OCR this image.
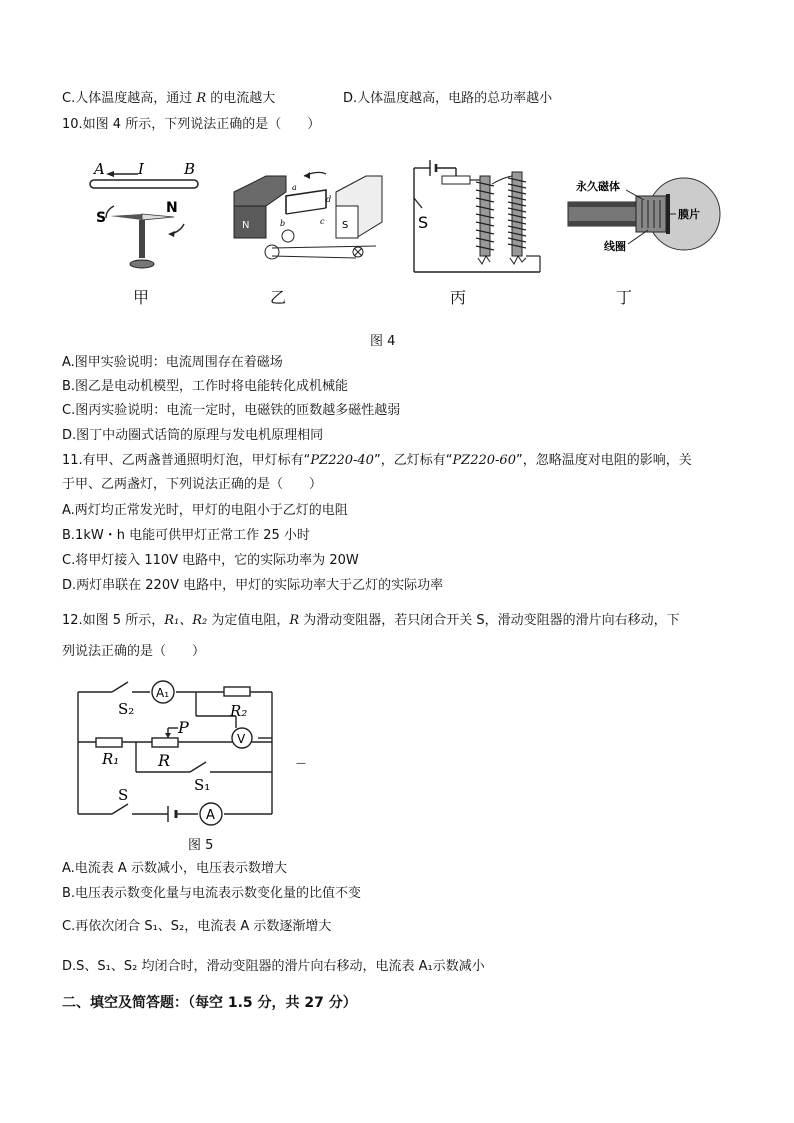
C.人体温度越高，通过 R 的电流越大	D.人体温度越高，电路的总功率越小
10.如图 4 所示，下列说法正确的是（　　）
A I	B
S
N
N	S
a
b	c
d
S
永久磁体
膜片
线圈
甲	乙	丙	丁
图 4
A.图甲实验说明：电流周围存在着磁场
B.图乙是电动机模型，工作时将电能转化成机械能
C.图丙实验说明：电流一定时，电磁铁的匝数越多磁性越弱
D.图丁中动圈式话筒的原理与发电机原理相同
11.有甲、乙两盏普通照明灯泡，甲灯标有“PZ220-40”，乙灯标有“PZ220-60”，忽略温度对电阻的影响，关
于甲、乙两盏灯，下列说法正确的是（　　）
A.两灯均正常发光时，甲灯的电阻小于乙灯的电阻
B.1kW・h 电能可供甲灯正常工作 25 小时
C.将甲灯接入 110V 电路中，它的实际功率为 20W
D.两灯串联在 220V 电路中，甲灯的实际功率大于乙灯的实际功率
12.如图 5 所示，R₁、R₂ 为定值电阻，R 为滑动变阻器，若只闭合开关 S，滑动变阻器的滑片向右移动，下
列说法正确的是（　　）
A₁
R₂
S₂
V
P
R₁ R
S₁
S
A
—
图 5
A.电流表 A 示数减小，电压表示数增大
B.电压表示数变化量与电流表示数变化量的比值不变
C.再依次闭合 S₁、S₂，电流表 A 示数逐渐增大
D.S、S₁、S₂ 均闭合时，滑动变阻器的滑片向右移动，电流表 A₁示数减小
二、填空及简答题：（每空 1.5 分，共 27 分）
